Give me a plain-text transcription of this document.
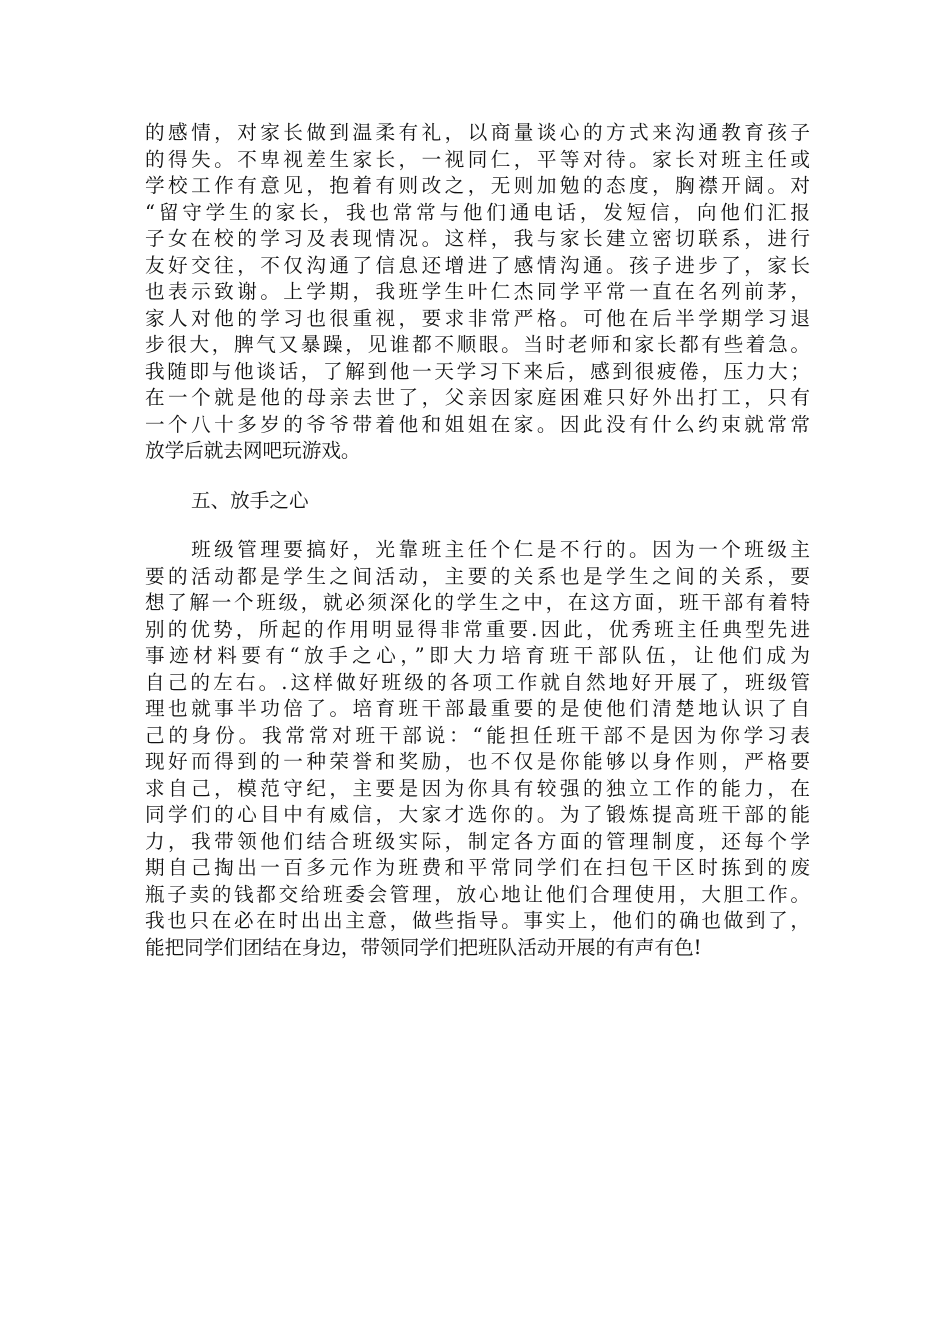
的感情，对家长做到温柔有礼，以商量谈心的方式来沟通教育孩子
的得失。不卑视差生家长，一视同仁，平等对待。家长对班主任或
学校工作有意见，抱着有则改之，无则加勉的态度，胸襟开阔。对
“留守学生的家长，我也常常与他们通电话，发短信，向他们汇报
子女在校的学习及表现情况。这样，我与家长建立密切联系，进行
友好交往，不仅沟通了信息还增进了感情沟通。孩子进步了，家长
也表示致谢。上学期，我班学生叶仁杰同学平常一直在名列前茅，
家人对他的学习也很重视，要求非常严格。可他在后半学期学习退
步很大，脾气又暴躁，见谁都不顺眼。当时老师和家长都有些着急。
我随即与他谈话，了解到他一天学习下来后，感到很疲倦，压力大；
在一个就是他的母亲去世了，父亲因家庭困难只好外出打工，只有
一个八十多岁的爷爷带着他和姐姐在家。因此没有什么约束就常常
放学后就去网吧玩游戏。
五、放手之心
　　班级管理要搞好，光靠班主任个仁是不行的。因为一个班级主
要的活动都是学生之间活动，主要的关系也是学生之间的关系，要
想了解一个班级，就必须深化的学生之中，在这方面，班干部有着特
别的优势，所起的作用明显得非常重要.因此，优秀班主任典型先进
事迹材料要有“放手之心，”即大力培育班干部队伍，让他们成为
自己的左右。.这样做好班级的各项工作就自然地好开展了，班级管
理也就事半功倍了。培育班干部最重要的是使他们清楚地认识了自
己的身份。我常常对班干部说：“能担任班干部不是因为你学习表
现好而得到的一种荣誉和奖励，也不仅是你能够以身作则，严格要
求自己，模范守纪，主要是因为你具有较强的独立工作的能力，在
同学们的心目中有威信，大家才选你的。为了锻炼提高班干部的能
力，我带领他们结合班级实际，制定各方面的管理制度，还每个学
期自己掏出一百多元作为班费和平常同学们在扫包干区时拣到的废
瓶子卖的钱都交给班委会管理，放心地让他们合理使用，大胆工作。
我也只在必在时出出主意，做些指导。事实上，他们的确也做到了，
能把同学们团结在身边，带领同学们把班队活动开展的有声有色!
